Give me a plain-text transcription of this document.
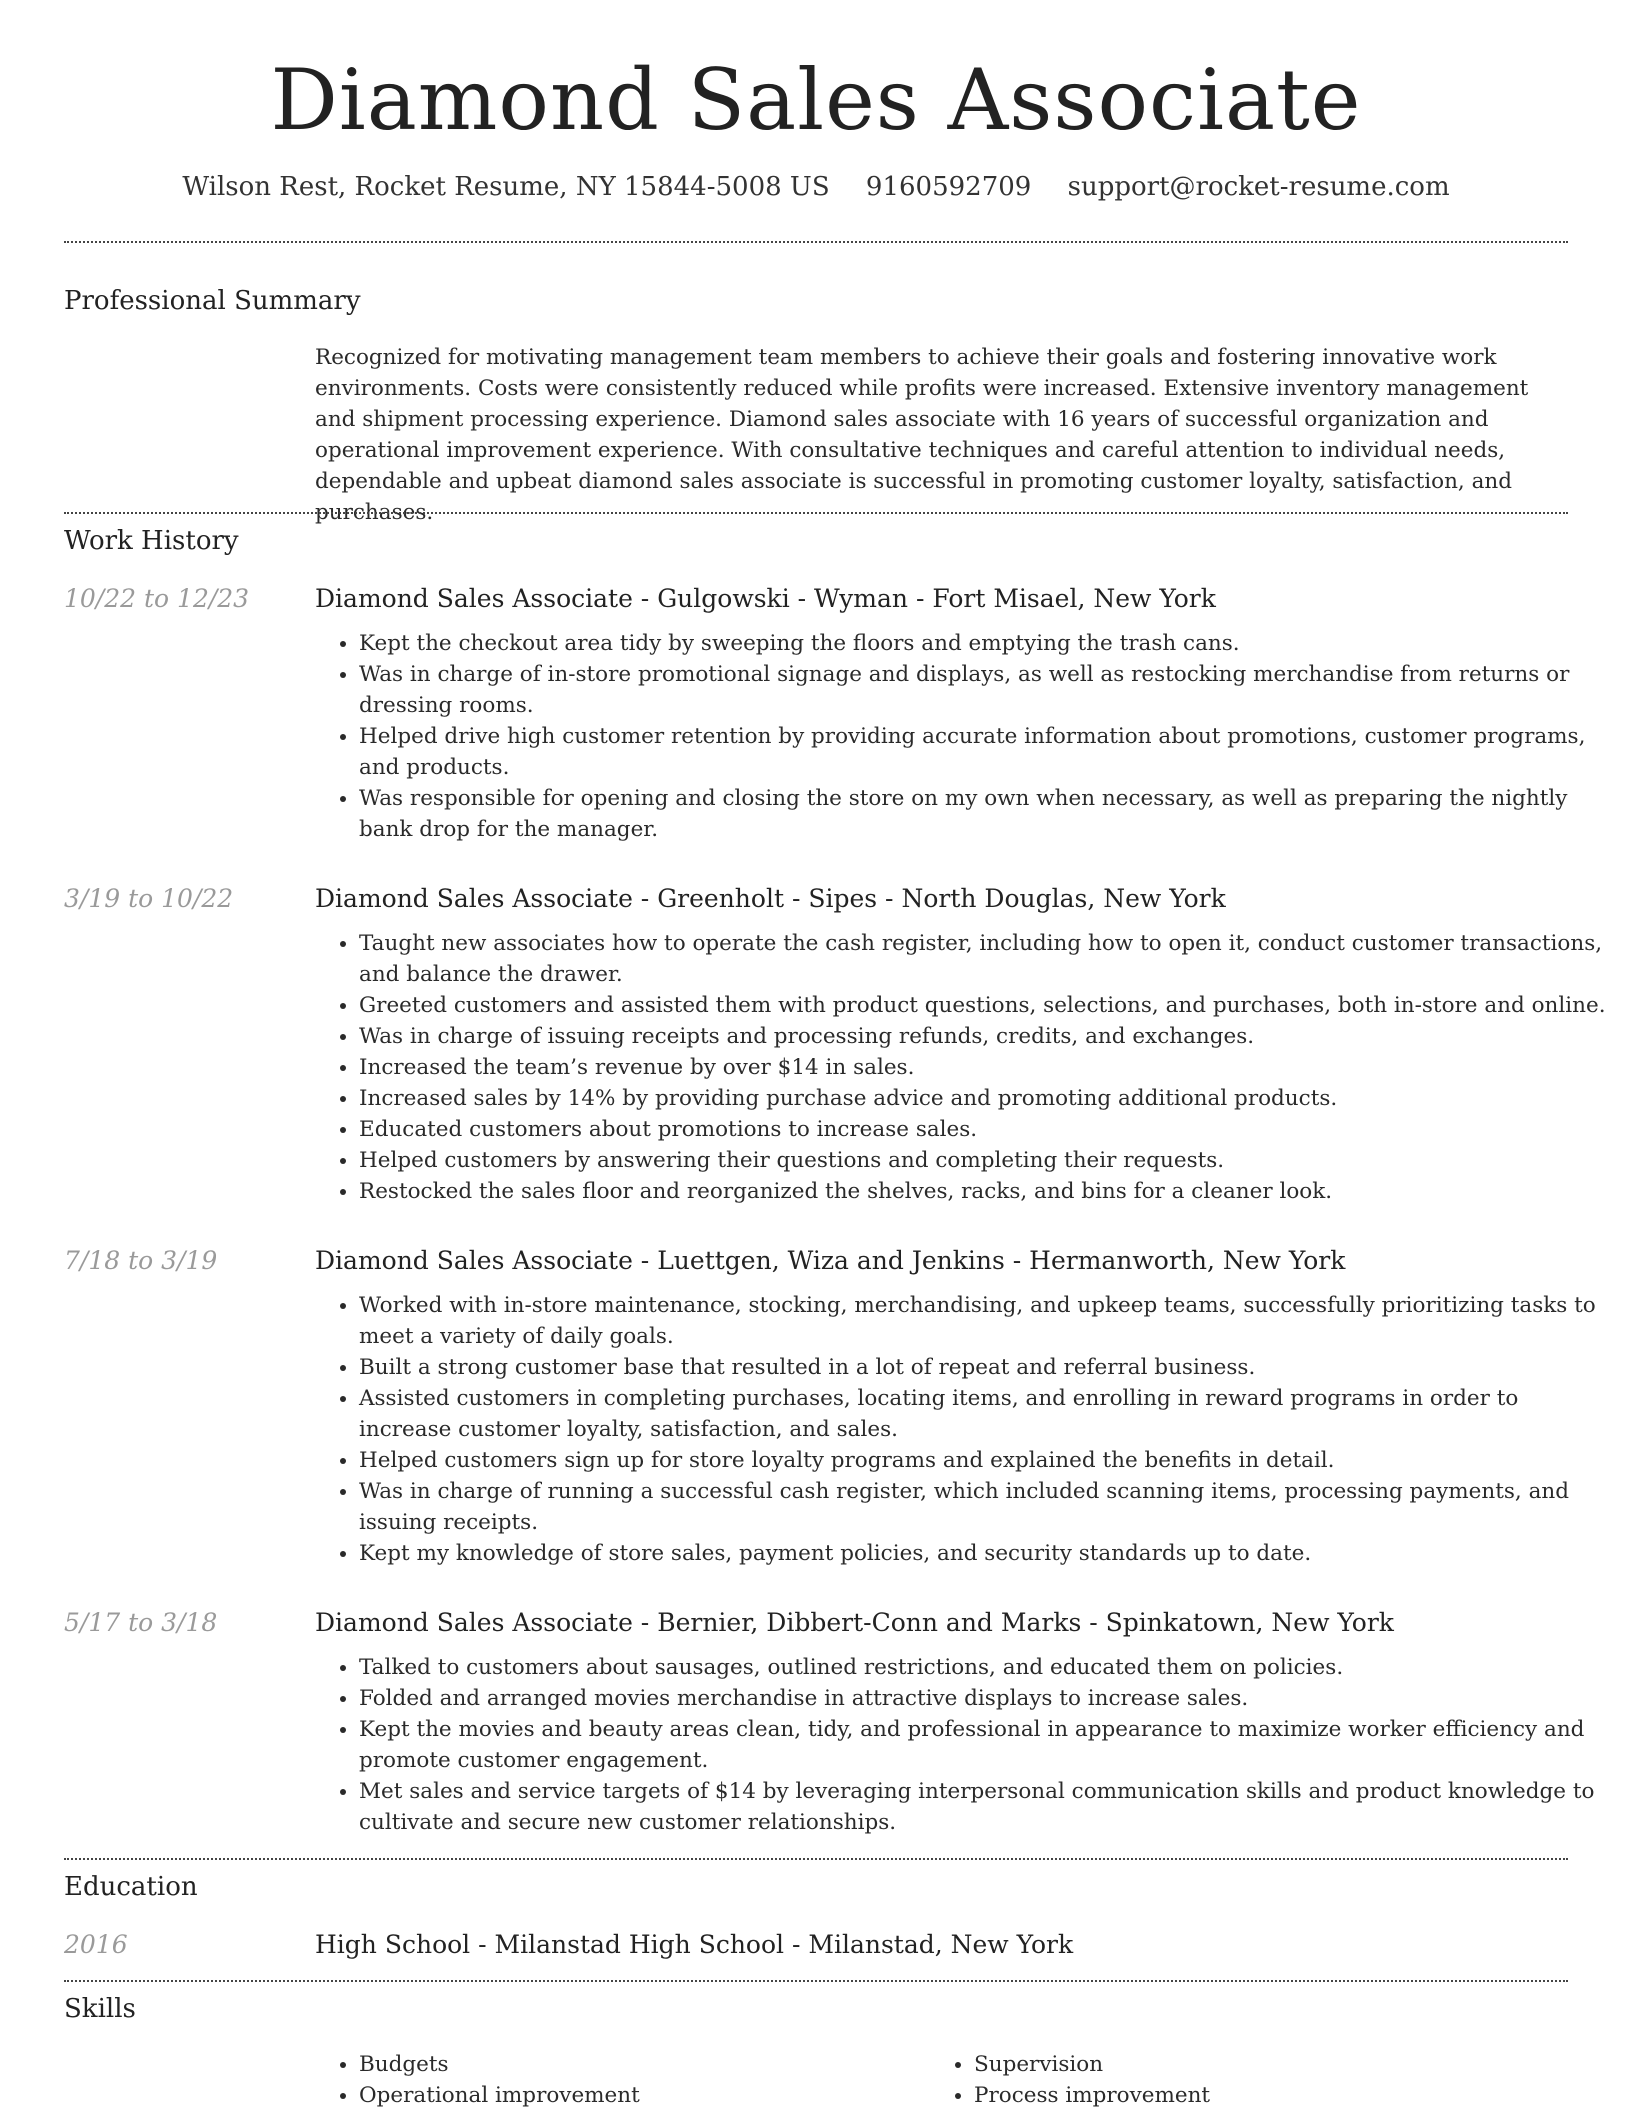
Diamond Sales Associate
Wilson Rest, Rocket Resume, NY 15844-5008 US 9160592709 support@rocket-resume.com
Professional Summary
Recognized for motivating management team members to achieve their goals and fostering innovative work environments. Costs were consistently reduced while profits were increased. Extensive inventory management and shipment processing experience. Diamond sales associate with 16 years of successful organization and operational improvement experience. With consultative techniques and careful attention to individual needs, dependable and upbeat diamond sales associate is successful in promoting customer loyalty, satisfaction, and purchases.
Work History
10/22 to 12/23	Diamond Sales Associate - Gulgowski - Wyman - Fort Misael, New York
• Kept the checkout area tidy by sweeping the floors and emptying the trash cans.
• Was in charge of in-store promotional signage and displays, as well as restocking merchandise from returns or dressing rooms.
• Helped drive high customer retention by providing accurate information about promotions, customer programs, and products.
• Was responsible for opening and closing the store on my own when necessary, as well as preparing the nightly bank drop for the manager.
3/19 to 10/22	Diamond Sales Associate - Greenholt - Sipes - North Douglas, New York
• Taught new associates how to operate the cash register, including how to open it, conduct customer transactions, and balance the drawer.
• Greeted customers and assisted them with product questions, selections, and purchases, both in-store and online.
• Was in charge of issuing receipts and processing refunds, credits, and exchanges.
• Increased the team’s revenue by over $14 in sales.
• Increased sales by 14% by providing purchase advice and promoting additional products.
• Educated customers about promotions to increase sales.
• Helped customers by answering their questions and completing their requests.
• Restocked the sales floor and reorganized the shelves, racks, and bins for a cleaner look.
7/18 to 3/19	Diamond Sales Associate - Luettgen, Wiza and Jenkins - Hermanworth, New York
• Worked with in-store maintenance, stocking, merchandising, and upkeep teams, successfully prioritizing tasks to meet a variety of daily goals.
• Built a strong customer base that resulted in a lot of repeat and referral business.
• Assisted customers in completing purchases, locating items, and enrolling in reward programs in order to increase customer loyalty, satisfaction, and sales.
• Helped customers sign up for store loyalty programs and explained the benefits in detail.
• Was in charge of running a successful cash register, which included scanning items, processing payments, and issuing receipts.
• Kept my knowledge of store sales, payment policies, and security standards up to date.
5/17 to 3/18	Diamond Sales Associate - Bernier, Dibbert-Conn and Marks - Spinkatown, New York
• Talked to customers about sausages, outlined restrictions, and educated them on policies.
• Folded and arranged movies merchandise in attractive displays to increase sales.
• Kept the movies and beauty areas clean, tidy, and professional in appearance to maximize worker efficiency and promote customer engagement.
• Met sales and service targets of $14 by leveraging interpersonal communication skills and product knowledge to cultivate and secure new customer relationships.
Education
2016	High School - Milanstad High School - Milanstad, New York
Skills
• Budgets
• Operational improvement
• Supervision
• Process improvement
